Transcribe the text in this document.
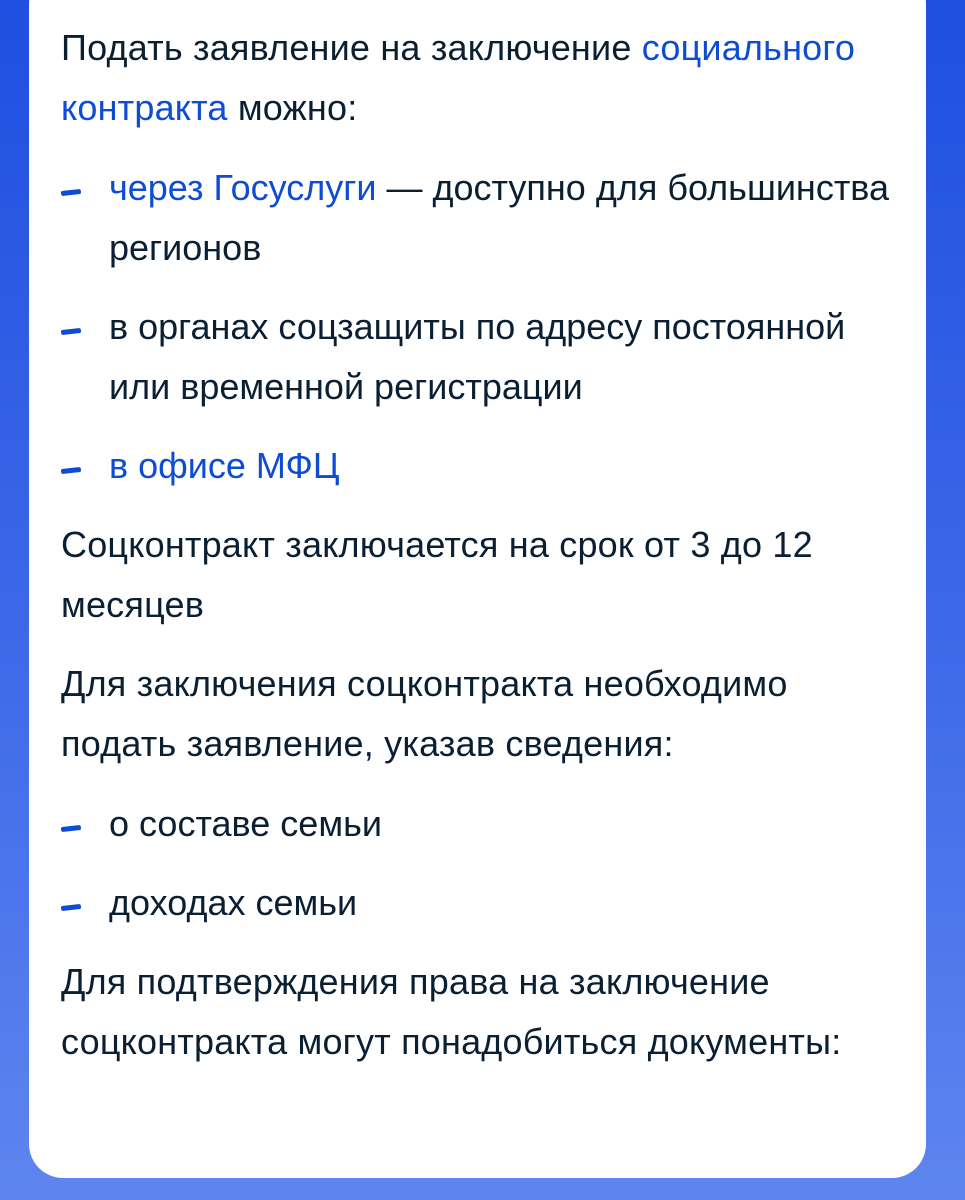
Подать заявление на заключение социального контракта можно:

через Госуслуги — доступно для большинства регионов
в органах соцзащиты по адресу постоянной или временной регистрации
в офисе МФЦ

Соцконтракт заключается на срок от 3 до 12 месяцев

Для заключения соцконтракта необходимо подать заявление, указав сведения:

о составе семьи
доходах семьи

Для подтверждения права на заключение соцконтракта могут понадобиться документы:
